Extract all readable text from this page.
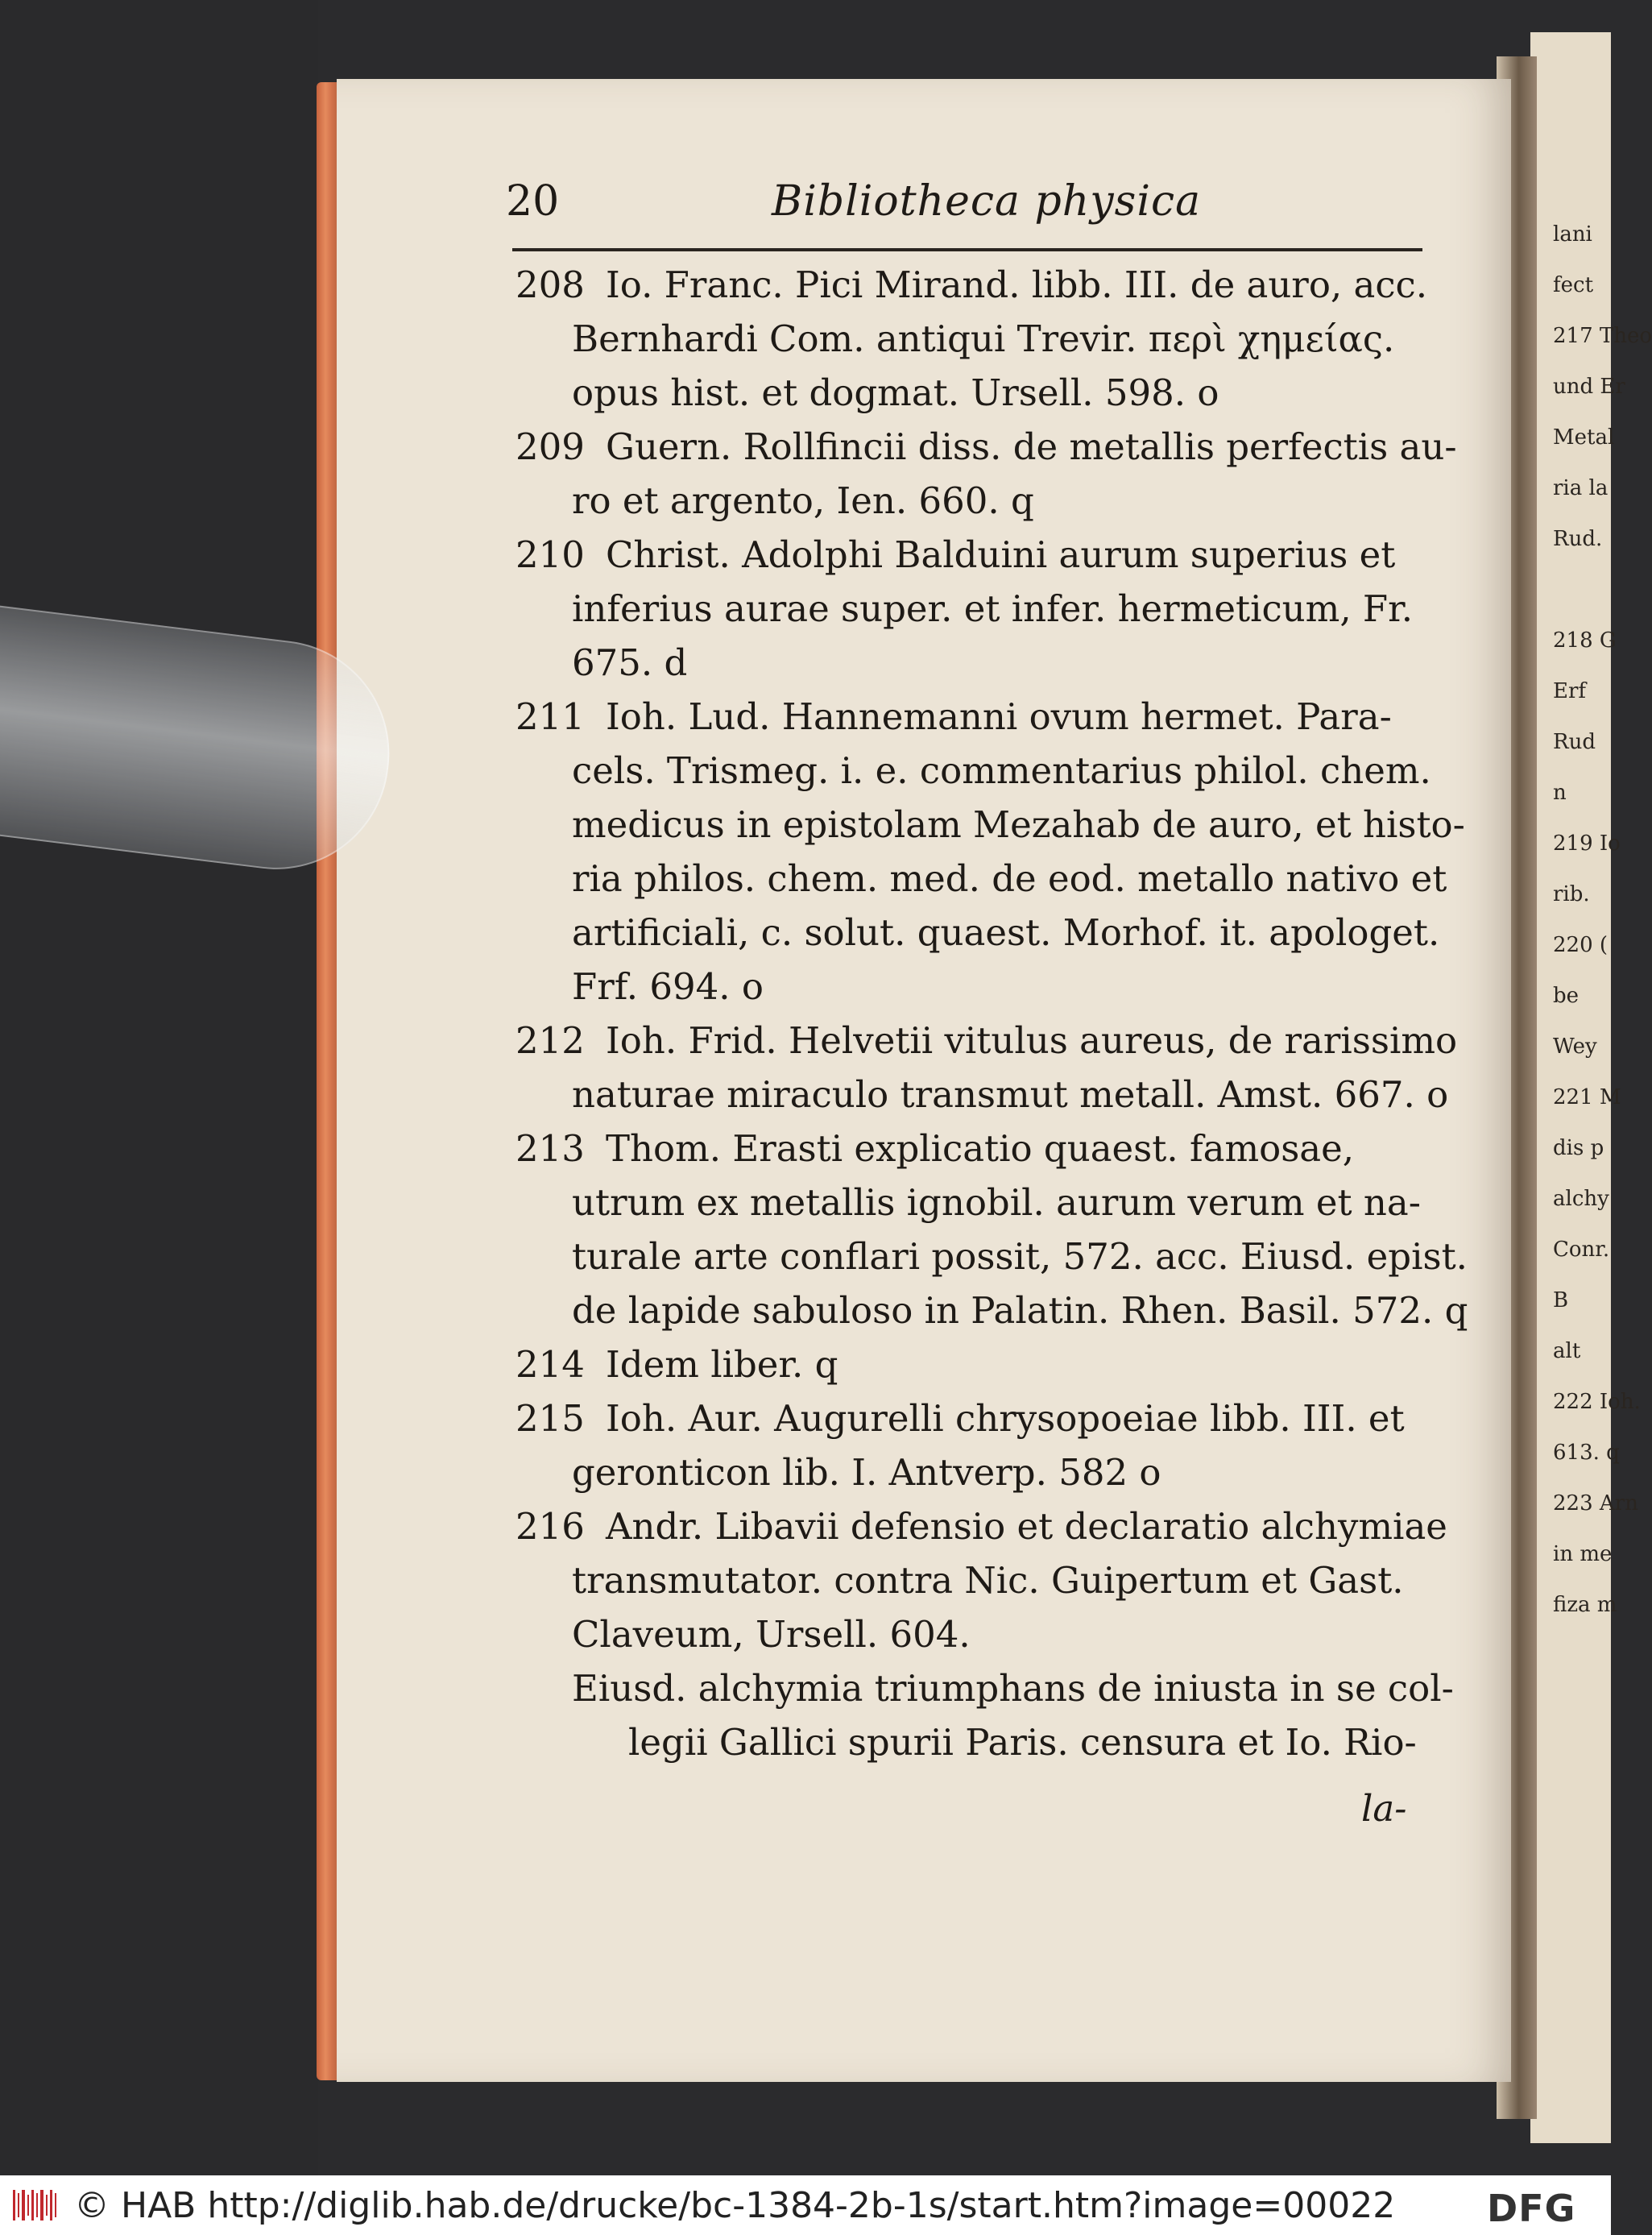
lani
fect
217 Theo
und Er
Metal
ria la
Rud.
218 G
Erf
Rud
n
219 Io
rib.
220 (
be
Wey
221 M
dis p
alchy
Conr.
B
alt
222 Ioh.
613. q
223 Arn
in me
fiza m
20	Bibliotheca physica
208 Io. Franc. Pici Mirand. libb. III. de auro, acc.
Bernhardi Com. antiqui Trevir. περὶ χημείας.
opus hist. et dogmat. Ursell. 598. o
209 Guern. Rollfincii diss. de metallis perfectis au-
ro et argento, Ien. 660. q
210 Christ. Adolphi Balduini aurum superius et
inferius aurae super. et infer. hermeticum, Fr.
675. d
211 Ioh. Lud. Hannemanni ovum hermet. Para-
cels. Trismeg. i. e. commentarius philol. chem.
medicus in epistolam Mezahab de auro, et histo-
ria philos. chem. med. de eod. metallo nativo et
artificiali, c. solut. quaest. Morhof. it. apologet.
Frf. 694. o
212 Ioh. Frid. Helvetii vitulus aureus, de rarissimo
naturae miraculo transmut metall. Amst. 667. o
213 Thom. Erasti explicatio quaest. famosae,
utrum ex metallis ignobil. aurum verum et na-
turale arte conflari possit, 572. acc. Eiusd. epist.
de lapide sabuloso in Palatin. Rhen. Basil. 572. q
214 Idem liber. q
215 Ioh. Aur. Augurelli chrysopoeiae libb. III. et
geronticon lib. I. Antverp. 582 o
216 Andr. Libavii defensio et declaratio alchymiae
transmutator. contra Nic. Guipertum et Gast.
Claveum, Ursell. 604.
Eiusd. alchymia triumphans de iniusta in se col-
legii Gallici spurii Paris. censura et Io. Rio-
la-
© HAB http://diglib.hab.de/drucke/bc-1384-2b-1s/start.htm?image=00022 DFG
